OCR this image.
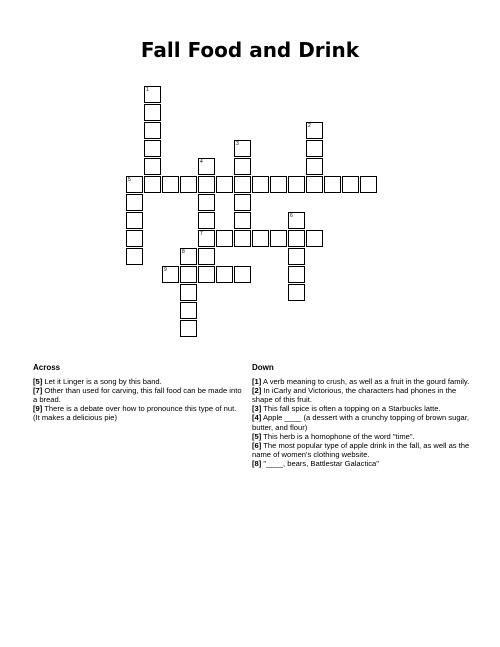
Fall Food and Drink
1
2
3
4
5
6
7
8
9
Across
[5] Let it Linger is a song by this band.
[7] Other than used for carving, this fall food can be made into a bread.
[9] There is a debate over how to pronounce this type of nut. (It makes a delicious pie)
Down
[1] A verb meaning to crush, as well as a fruit in the gourd family.
[2] In iCarly and Victorious, the characters had phones in the shape of this fruit.
[3] This fall spice is often a topping on a Starbucks latte.
[4] Apple ____ (a dessert with a crunchy topping of brown sugar, butter, and flour)
[5] This herb is a homophone of the word "time".
[6] The most popular type of apple drink in the fall, as well as the name of women's clothing website.
[8] "____, bears, Battlestar Galactica"
